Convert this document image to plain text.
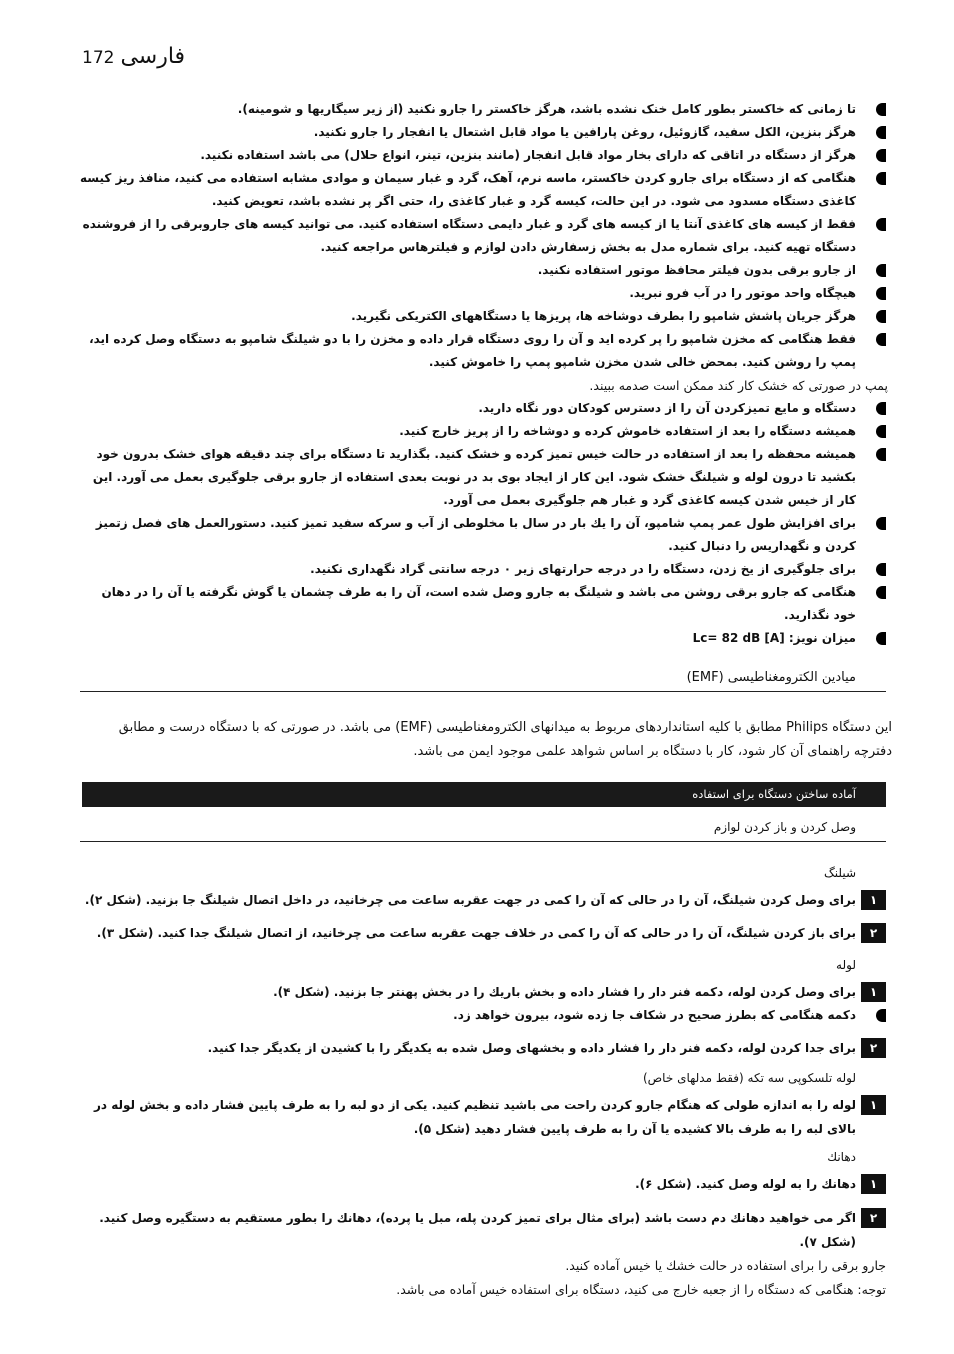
172 فارسی
تا زمانی که خاکستر بطور کامل خنک نشده باشد، هرگز خاکستر را جارو نکنید (از زیر سیگاریها و شومینه).
هرگز بنزین، الکل سفید، گازوئیل، روغن پارافین یا مواد قابل اشتعال یا انفجار را جارو نکنید.
هرگز از دستگاه در اتاقی که دارای بخار مواد قابل انفجار (مانند بنزین، تینر، انواع حلال) می باشد استفاده نکنید.
هنگامی که از دستگاه برای جارو کردن خاکستر، ماسه نرم، آهک، گرد و غبار سیمان و موادی مشابه استفاده می کنید، منافذ ریز کیسه کاغذی دستگاه مسدود می شود. در این حالت، کیسه گرد و غبار کاغذی را، حتی اگر پر نشده باشد، تعویض کنید.
فقط از کیسه های کاغذی آنتا یا از کیسه های گرد و غبار دایمی دستگاه استفاده کنید. می توانید کیسه های جاروبرقی را از فروشنده دستگاه تهیه کنید. برای شماره مدل به بخش زسفارش دادن لوازم و فیلترهاس مراجعه کنید.
از جارو برقی بدون فیلتر محافظ موتور استفاده نکنید.
هیچگاه واحد موتور را در آب فرو نبرید.
هرگز جریان پاشش شامپو را بطرف دوشاخه ها، پریزها یا دستگاههای الکتریکی نگیرید.
فقط هنگامی که مخزن شامپو را پر کرده اید و آن را روی دستگاه قرار داده و مخزن را با دو شیلنگ شامپو به دستگاه وصل کرده اید، پمپ را روشن کنید. بمحض خالی شدن مخزن شامپو پمپ را خاموش کنید.
پمپ در صورتی که خشک کار کند ممکن است صدمه ببیند.
دستگاه و مایع تمیزکردن آن را از دسترس کودکان دور نگاه دارید.
همیشه دستگاه را بعد از استفاده خاموش کرده و دوشاخه را از پریز خارج کنید.
همیشه محفظه را بعد از استفاده در حالت خیس تمیز کرده و خشک کنید. بگذارید تا دستگاه برای چند دقیقه هوای خشک بدرون خود بکشید تا درون لوله و شیلنگ خشک شود. این کار از ایجاد بوی بد در نوبت بعدی استفاده از جارو برقی جلوگیری بعمل می آورد. این کار از خیس شدن کیسه کاغذی گرد و غبار هم جلوگیری بعمل می آورد.
برای افزایش طول عمر پمپ شامپو، آن را یك بار در سال با مخلوطی از آب و سرکه سفید تمیز کنید. دستورالعمل های فصل زتمیز کردن و نگهداریس را دنبال کنید.
برای جلوگیری از یخ زدن، دستگاه را در درجه حرارتهای زیر ۰ درجه سانتی گراد نگهداری نکنید.
هنگامی که جارو برقی روشن می باشد و شیلنگ به جارو وصل شده است، آن را به طرف چشمان یا گوش نگرفته یا آن را در دهان خود نگذارید.
میزان نویز: Lc= 82 dB [A]
میادین الکترومغناطیسی (EMF)
این دستگاه Philips مطابق با کلیه استانداردهای مربوط به میدانهای الکترومغناطیسی (EMF) می باشد. در صورتی که با دستگاه درست و مطابق دفترچه راهنمای آن کار شود، کار با دستگاه بر اساس شواهد علمی موجود ایمن می باشد.
آماده ساختن دستگاه برای استفاده
وصل کردن و باز کردن لوازم
شیلنگ
۱
برای وصل کردن شیلنگ، آن را در حالی که آن را کمی در جهت عقربه ساعت می چرخانید، در داخل اتصال شیلنگ جا بزنید. (شکل ۲).
۲
برای باز کردن شیلنگ، آن را در حالی که آن را کمی در خلاف جهت عقربه ساعت می چرخانید، از اتصال شیلنگ جدا کنید. (شکل ۳).
لوله
۱
برای وصل کردن لوله، دکمه فنر دار را فشار داده و بخش باریك را در بخش پهنتر جا بزنید. (شکل ۴).
دکمه هنگامی که بطرز صحیح در شکاف جا زده شود، بیرون خواهد زد.
۲
برای جدا کردن لوله، دکمه فنر دار را فشار داده و بخشهای وصل شده به یکدیگر را با کشیدن از یکدیگر جدا کنید.
لوله تلسکوپی سه تکه (فقط مدلهای خاص)
۱
لوله را به اندازه طولی که هنگام جارو کردن راحت می باشید تنظیم کنید. یکی از دو لبه را به طرف پایین فشار داده و بخش لوله در بالای لبه را به طرف بالا کشیده یا آن را به طرف پایین فشار دهید (شکل ۵).
دهانك
۱
دهانك را به لوله وصل کنید. (شکل ۶).
۲
اگر می خواهید دهانك دم دست باشد (برای مثال برای تمیز کردن پله، مبل یا پرده)، دهانك را بطور مستقیم به دستگیره وصل کنید. (شکل ۷).
جارو برقی را برای استفاده در حالت خشك یا خیس آماده کنید.
توجه: هنگامی که دستگاه را از جعبه خارج می کنید، دستگاه برای استفاده خیس آماده می باشد.
